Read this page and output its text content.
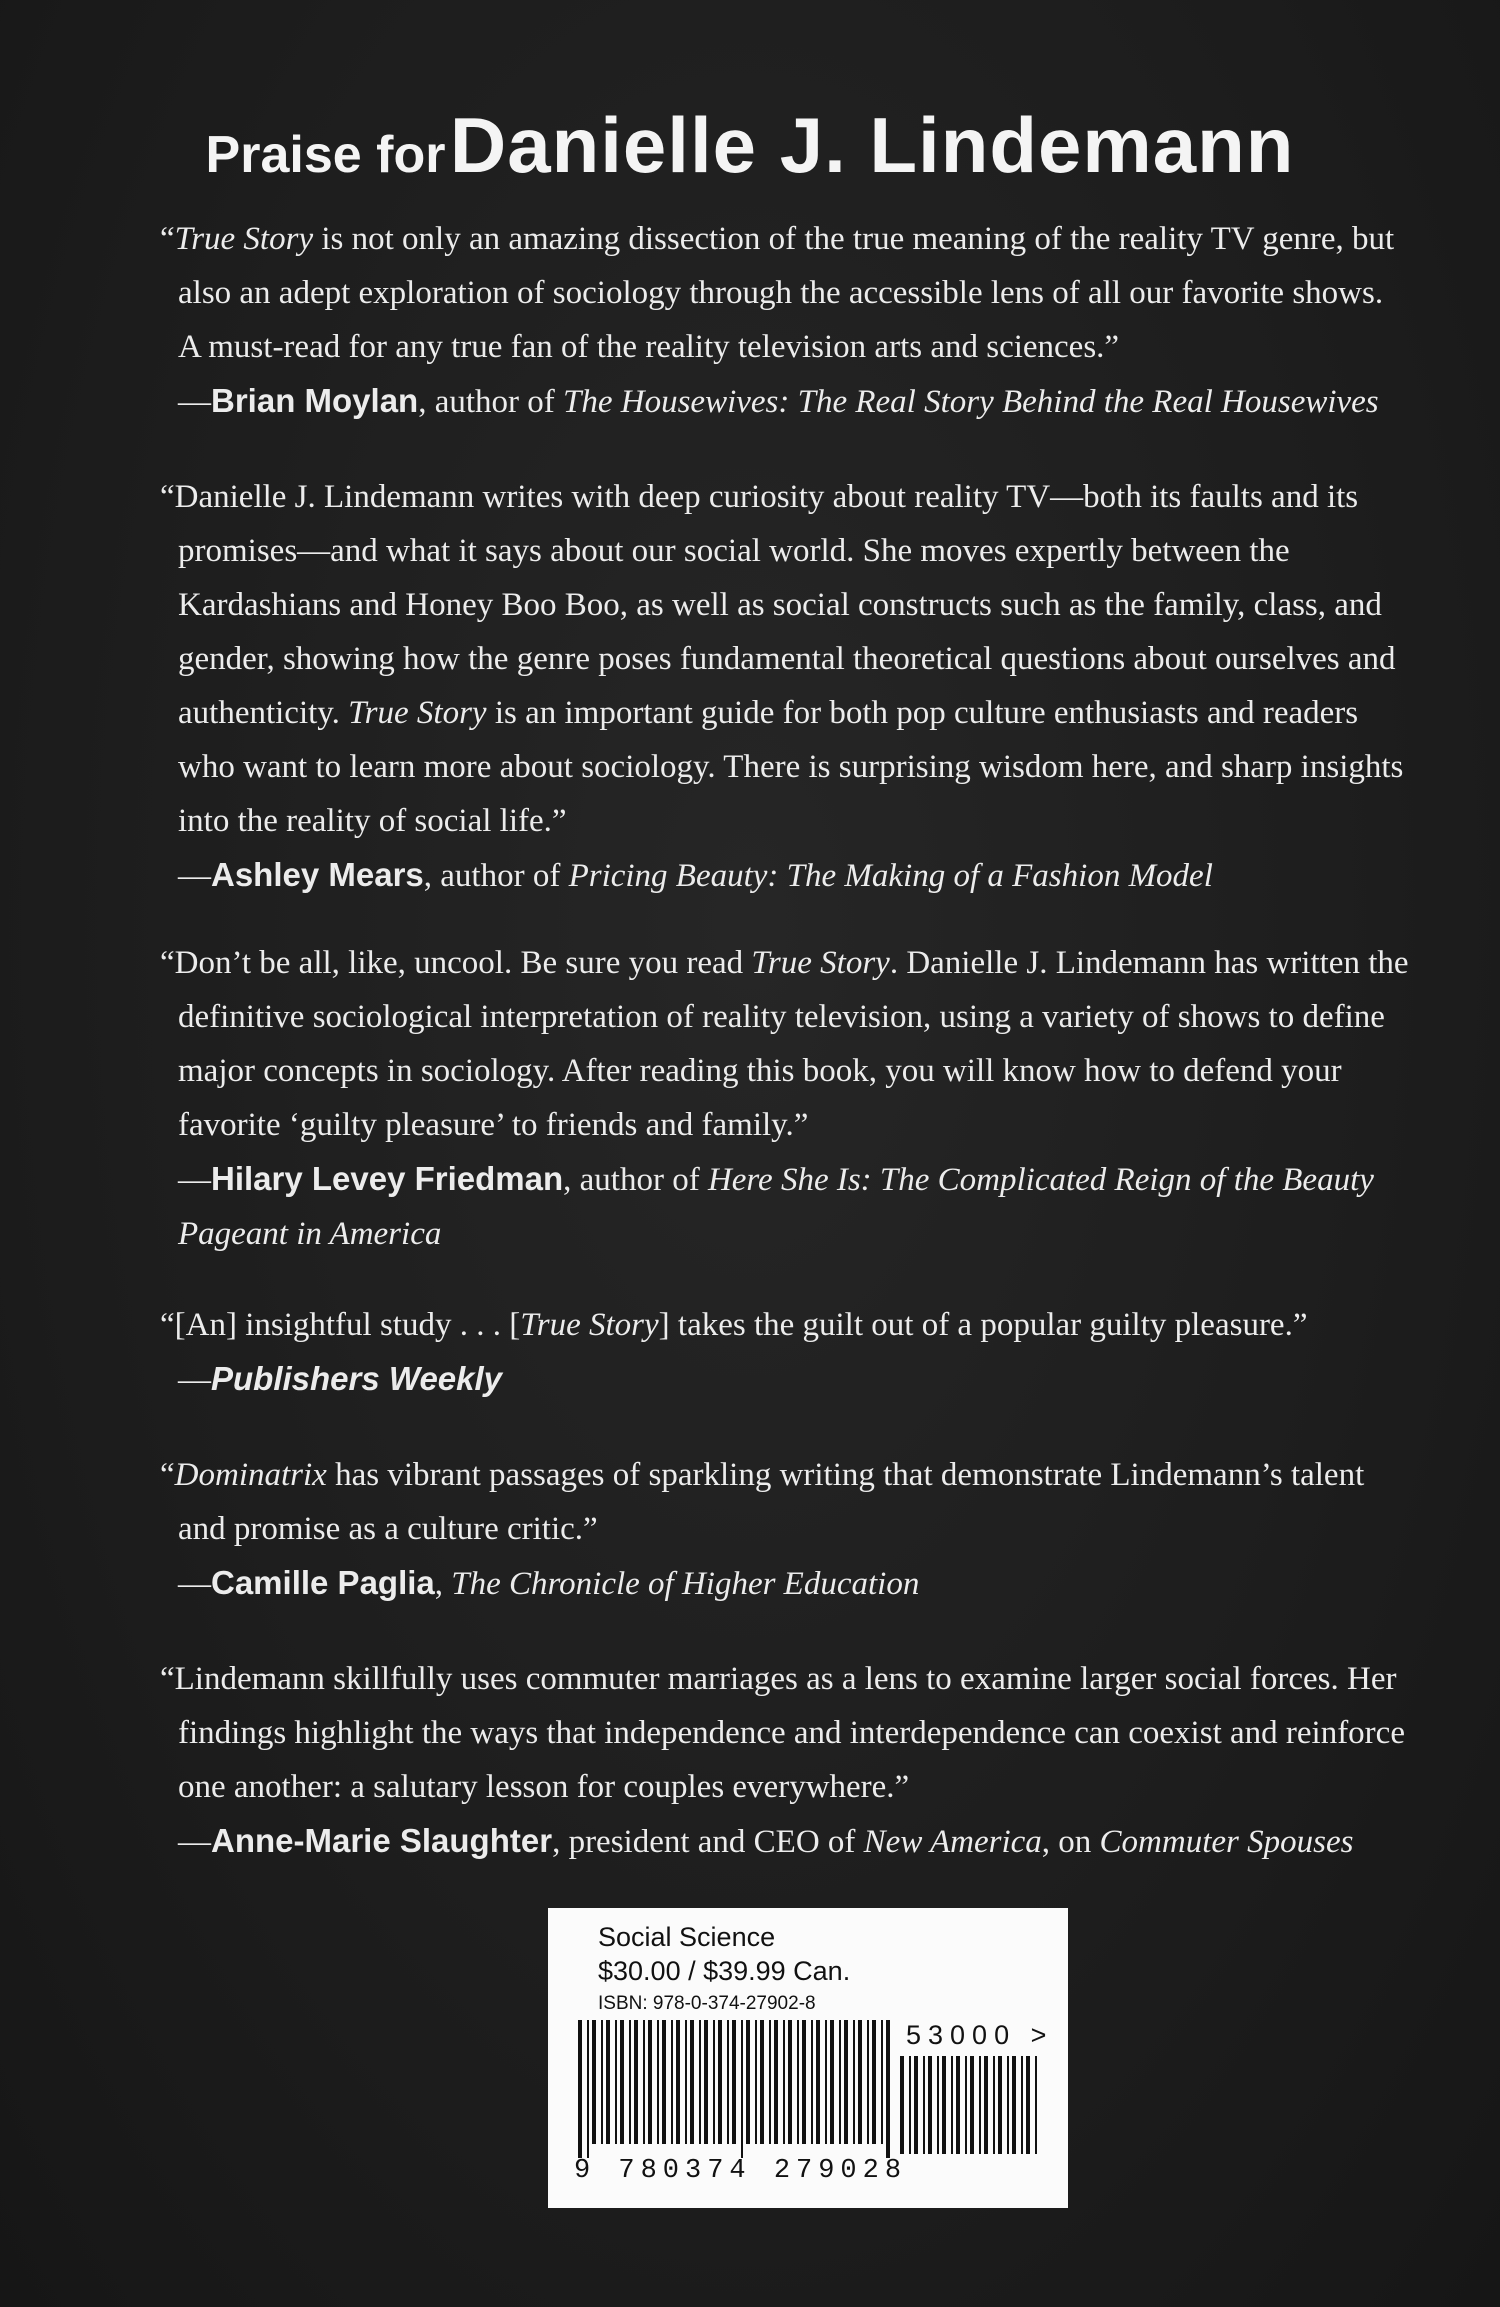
Praise for Danielle J. Lindemann

“True Story is not only an amazing dissection of the true meaning of the reality TV genre, but also an adept exploration of sociology through the accessible lens of all our favorite shows. A must-read for any true fan of the reality television arts and sciences.”

—Brian Moylan, author of The Housewives: The Real Story Behind the Real Housewives

“Danielle J. Lindemann writes with deep curiosity about reality TV—both its faults and its promises—and what it says about our social world. She moves expertly between the Kardashians and Honey Boo Boo, as well as social constructs such as the family, class, and gender, showing how the genre poses fundamental theoretical questions about ourselves and authenticity. True Story is an important guide for both pop culture enthusiasts and readers who want to learn more about sociology. There is surprising wisdom here, and sharp insights into the reality of social life.”

—Ashley Mears, author of Pricing Beauty: The Making of a Fashion Model

“Don’t be all, like, uncool. Be sure you read True Story. Danielle J. Lindemann has written the definitive sociological interpretation of reality television, using a variety of shows to define major concepts in sociology. After reading this book, you will know how to defend your favorite ‘guilty pleasure’ to friends and family.”

—Hilary Levey Friedman, author of Here She Is: The Complicated Reign of the Beauty Pageant in America

“[An] insightful study . . . [True Story] takes the guilt out of a popular guilty pleasure.”

—Publishers Weekly

“Dominatrix has vibrant passages of sparkling writing that demonstrate Lindemann’s talent and promise as a culture critic.”

—Camille Paglia, The Chronicle of Higher Education

“Lindemann skillfully uses commuter marriages as a lens to examine larger social forces. Her findings highlight the ways that independence and interdependence can coexist and reinforce one another: a salutary lesson for couples everywhere.”

—Anne-Marie Slaughter, president and CEO of New America, on Commuter Spouses
Social Science
$30.00 / $39.99 Can.
ISBN: 978-0-374-27902-8
53000 >
9 780374 279028
